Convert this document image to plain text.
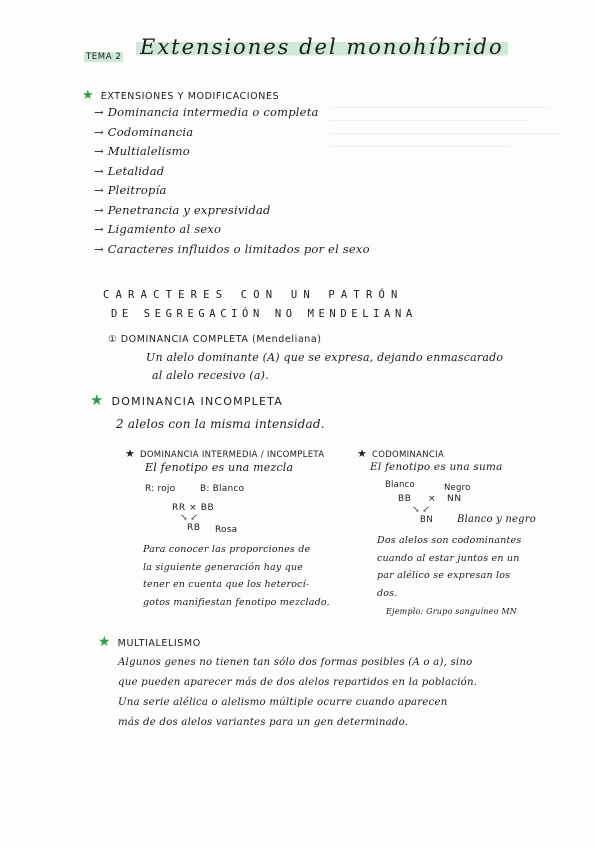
TEMA 2 Extensiones del monohíbrido
★ EXTENSIONES Y MODIFICACIONES
→ Dominancia intermedia o completa
→ Codominancia
→ Multialelismo
→ Letalidad
→ Pleitropía
→ Penetrancia y expresividad
→ Ligamiento al sexo
→ Caracteres influidos o limitados por el sexo
CARACTERES CON UN PATRÓN
DE SEGREGACIÓN NO MENDELIANA
① DOMINANCIA COMPLETA (Mendeliana)
Un alelo dominante (A) que se expresa, dejando enmascarado
al alelo recesivo (a).
★ DOMINANCIA INCOMPLETA
2 alelos con la misma intensidad.
★ DOMINANCIA INTERMEDIA / INCOMPLETA
El fenotipo es una mezcla
R: rojo	B: Blanco
RR × BB
↘ ↙
RB Rosa
Para conocer las proporciones de
la siguiente generación hay que
tener en cuenta que los heterocí-
gotos manifiestan fenotipo mezclado.
★ CODOMINANCIA
El fenotipo es una suma
Blanco	Negro
BB × NN
↘ ↙
BN Blanco y negro
Dos alelos son codominantes
cuando al estar juntos en un
par alélico se expresan los
dos.
Ejemplo: Grupo sanguíneo MN
★ MULTIALELISMO
Algunos genes no tienen tan sólo dos formas posibles (A o a), sino
que pueden aparecer más de dos alelos repartidos en la población.
Una serie alélica o alelismo múltiple ocurre cuando aparecen
más de dos alelos variantes para un gen determinado.
